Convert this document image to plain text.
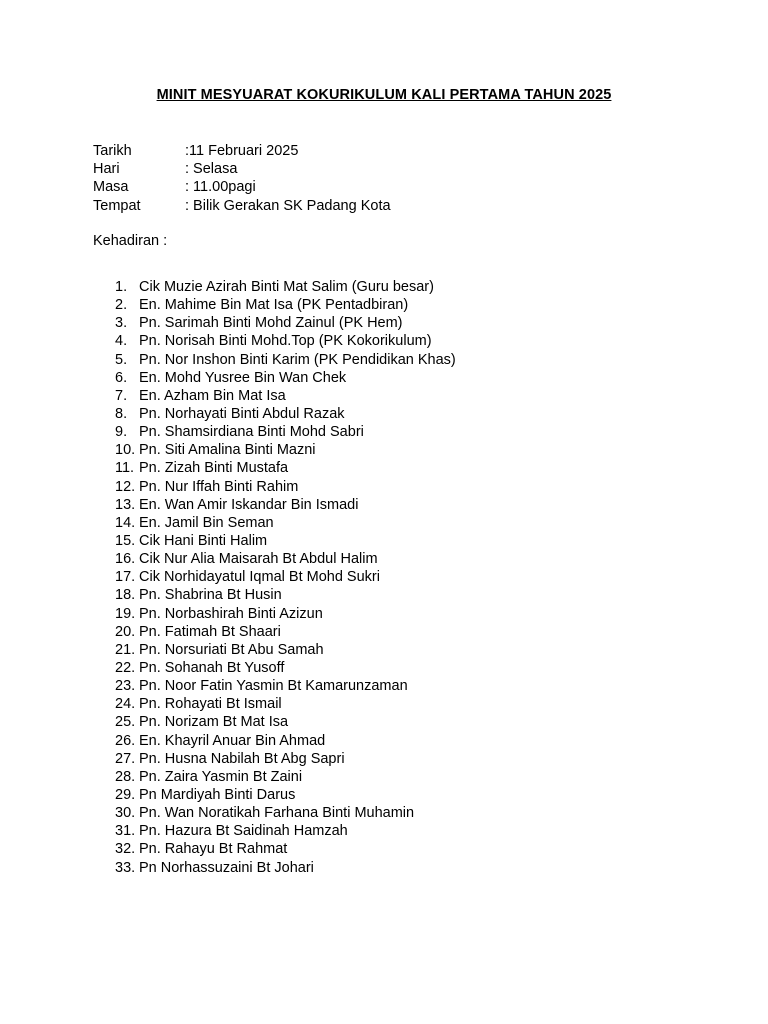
MINIT MESYUARAT KOKURIKULUM KALI PERTAMA TAHUN 2025
Tarikh	:11 Februari 2025
Hari	: Selasa
Masa	: 11.00pagi
Tempat	: Bilik Gerakan SK Padang Kota
Kehadiran :
1. Cik Muzie Azirah Binti Mat Salim (Guru besar)
2. En. Mahime Bin Mat Isa (PK Pentadbiran)
3. Pn. Sarimah Binti Mohd Zainul (PK Hem)
4. Pn. Norisah Binti Mohd.Top (PK Kokorikulum)
5. Pn. Nor Inshon Binti Karim (PK Pendidikan Khas)
6. En. Mohd Yusree Bin Wan Chek
7. En. Azham Bin Mat Isa
8. Pn. Norhayati Binti Abdul Razak
9. Pn. Shamsirdiana Binti Mohd Sabri
10. Pn. Siti Amalina Binti Mazni
11. Pn. Zizah Binti Mustafa
12. Pn. Nur Iffah Binti Rahim
13. En. Wan Amir Iskandar Bin Ismadi
14. En. Jamil Bin Seman
15. Cik Hani Binti Halim
16. Cik Nur Alia Maisarah Bt Abdul Halim
17. Cik Norhidayatul Iqmal Bt Mohd Sukri
18. Pn. Shabrina Bt Husin
19. Pn. Norbashirah Binti Azizun
20. Pn. Fatimah Bt Shaari
21. Pn. Norsuriati Bt Abu Samah
22. Pn. Sohanah Bt Yusoff
23. Pn. Noor Fatin Yasmin Bt Kamarunzaman
24. Pn. Rohayati Bt Ismail
25. Pn. Norizam Bt Mat Isa
26. En. Khayril Anuar Bin Ahmad
27. Pn. Husna Nabilah Bt Abg Sapri
28. Pn. Zaira Yasmin Bt Zaini
29. Pn Mardiyah Binti Darus
30. Pn. Wan Noratikah Farhana Binti Muhamin
31. Pn. Hazura Bt Saidinah Hamzah
32. Pn. Rahayu Bt Rahmat
33. Pn Norhassuzaini Bt Johari
